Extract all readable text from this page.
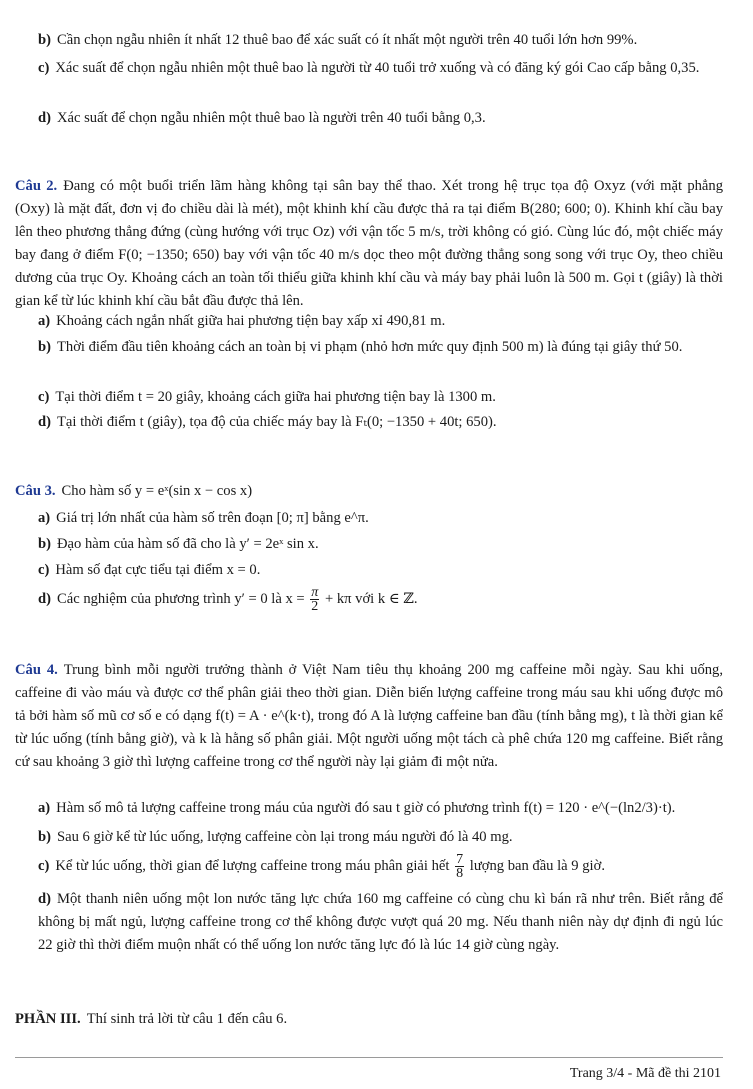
b) Cần chọn ngẫu nhiên ít nhất 12 thuê bao để xác suất có ít nhất một người trên 40 tuổi lớn hơn 99%.
c) Xác suất để chọn ngẫu nhiên một thuê bao là người từ 40 tuổi trở xuống và có đăng ký gói Cao cấp bằng 0,35.
d) Xác suất để chọn ngẫu nhiên một thuê bao là người trên 40 tuổi bằng 0,3.
Câu 2. Đang có một buổi triển lãm hàng không tại sân bay thể thao. Xét trong hệ trục tọa độ Oxyz (với mặt phẳng (Oxy) là mặt đất, đơn vị đo chiều dài là mét), một khinh khí cầu được thả ra tại điểm B(280; 600; 0). Khinh khí cầu bay lên theo phương thẳng đứng (cùng hướng với trục Oz) với vận tốc 5 m/s, trời không có gió. Cùng lúc đó, một chiếc máy bay đang ở điểm F(0; −1350; 650) bay với vận tốc 40 m/s dọc theo một đường thẳng song song với trục Oy, theo chiều dương của trục Oy. Khoảng cách an toàn tối thiểu giữa khinh khí cầu và máy bay phải luôn là 500 m. Gọi t (giây) là thời gian kể từ lúc khinh khí cầu bắt đầu được thả lên.
a) Khoảng cách ngắn nhất giữa hai phương tiện bay xấp xỉ 490,81 m.
b) Thời điểm đầu tiên khoảng cách an toàn bị vi phạm (nhỏ hơn mức quy định 500 m) là đúng tại giây thứ 50.
c) Tại thời điểm t = 20 giây, khoảng cách giữa hai phương tiện bay là 1300 m.
d) Tại thời điểm t (giây), tọa độ của chiếc máy bay là Fₜ(0; −1350 + 40t; 650).
Câu 3. Cho hàm số y = eˣ(sin x − cos x)
a) Giá trị lớn nhất của hàm số trên đoạn [0; π] bằng e^π.
b) Đạo hàm của hàm số đã cho là y′ = 2eˣ sin x.
c) Hàm số đạt cực tiểu tại điểm x = 0.
d) Các nghiệm của phương trình y′ = 0 là $x = \frac{\pi}{2} + k\pi$ với k ∈ ℤ.
Câu 4. Trung bình mỗi người trưởng thành ở Việt Nam tiêu thụ khoảng 200 mg caffeine mỗi ngày. Sau khi uống, caffeine đi vào máu và được cơ thể phân giải theo thời gian. Diễn biến lượng caffeine trong máu sau khi uống được mô tả bởi hàm số mũ cơ số e có dạng f(t) = A · e^(k·t), trong đó A là lượng caffeine ban đầu (tính bằng mg), t là thời gian kể từ lúc uống (tính bằng giờ), và k là hằng số phân giải. Một người uống một tách cà phê chứa 120 mg caffeine. Biết rằng cứ sau khoảng 3 giờ thì lượng caffeine trong cơ thể người này lại giảm đi một nửa.
a) Hàm số mô tả lượng caffeine trong máu của người đó sau t giờ có phương trình f(t) = 120 · e^(−(ln2/3)·t).
b) Sau 6 giờ kể từ lúc uống, lượng caffeine còn lại trong máu người đó là 40 mg.
c) Kể từ lúc uống, thời gian để lượng caffeine trong máu phân giải hết $\frac{7}{8}$ lượng ban đầu là 9 giờ.
d) Một thanh niên uống một lon nước tăng lực chứa 160 mg caffeine có cùng chu kì bán rã như trên. Biết rằng để không bị mất ngủ, lượng caffeine trong cơ thể không được vượt quá 20 mg. Nếu thanh niên này dự định đi ngủ lúc 22 giờ thì thời điểm muộn nhất có thể uống lon nước tăng lực đó là lúc 14 giờ cùng ngày.
PHẦN III. Thí sinh trả lời từ câu 1 đến câu 6.
Trang 3/4 - Mã đề thi 2101
